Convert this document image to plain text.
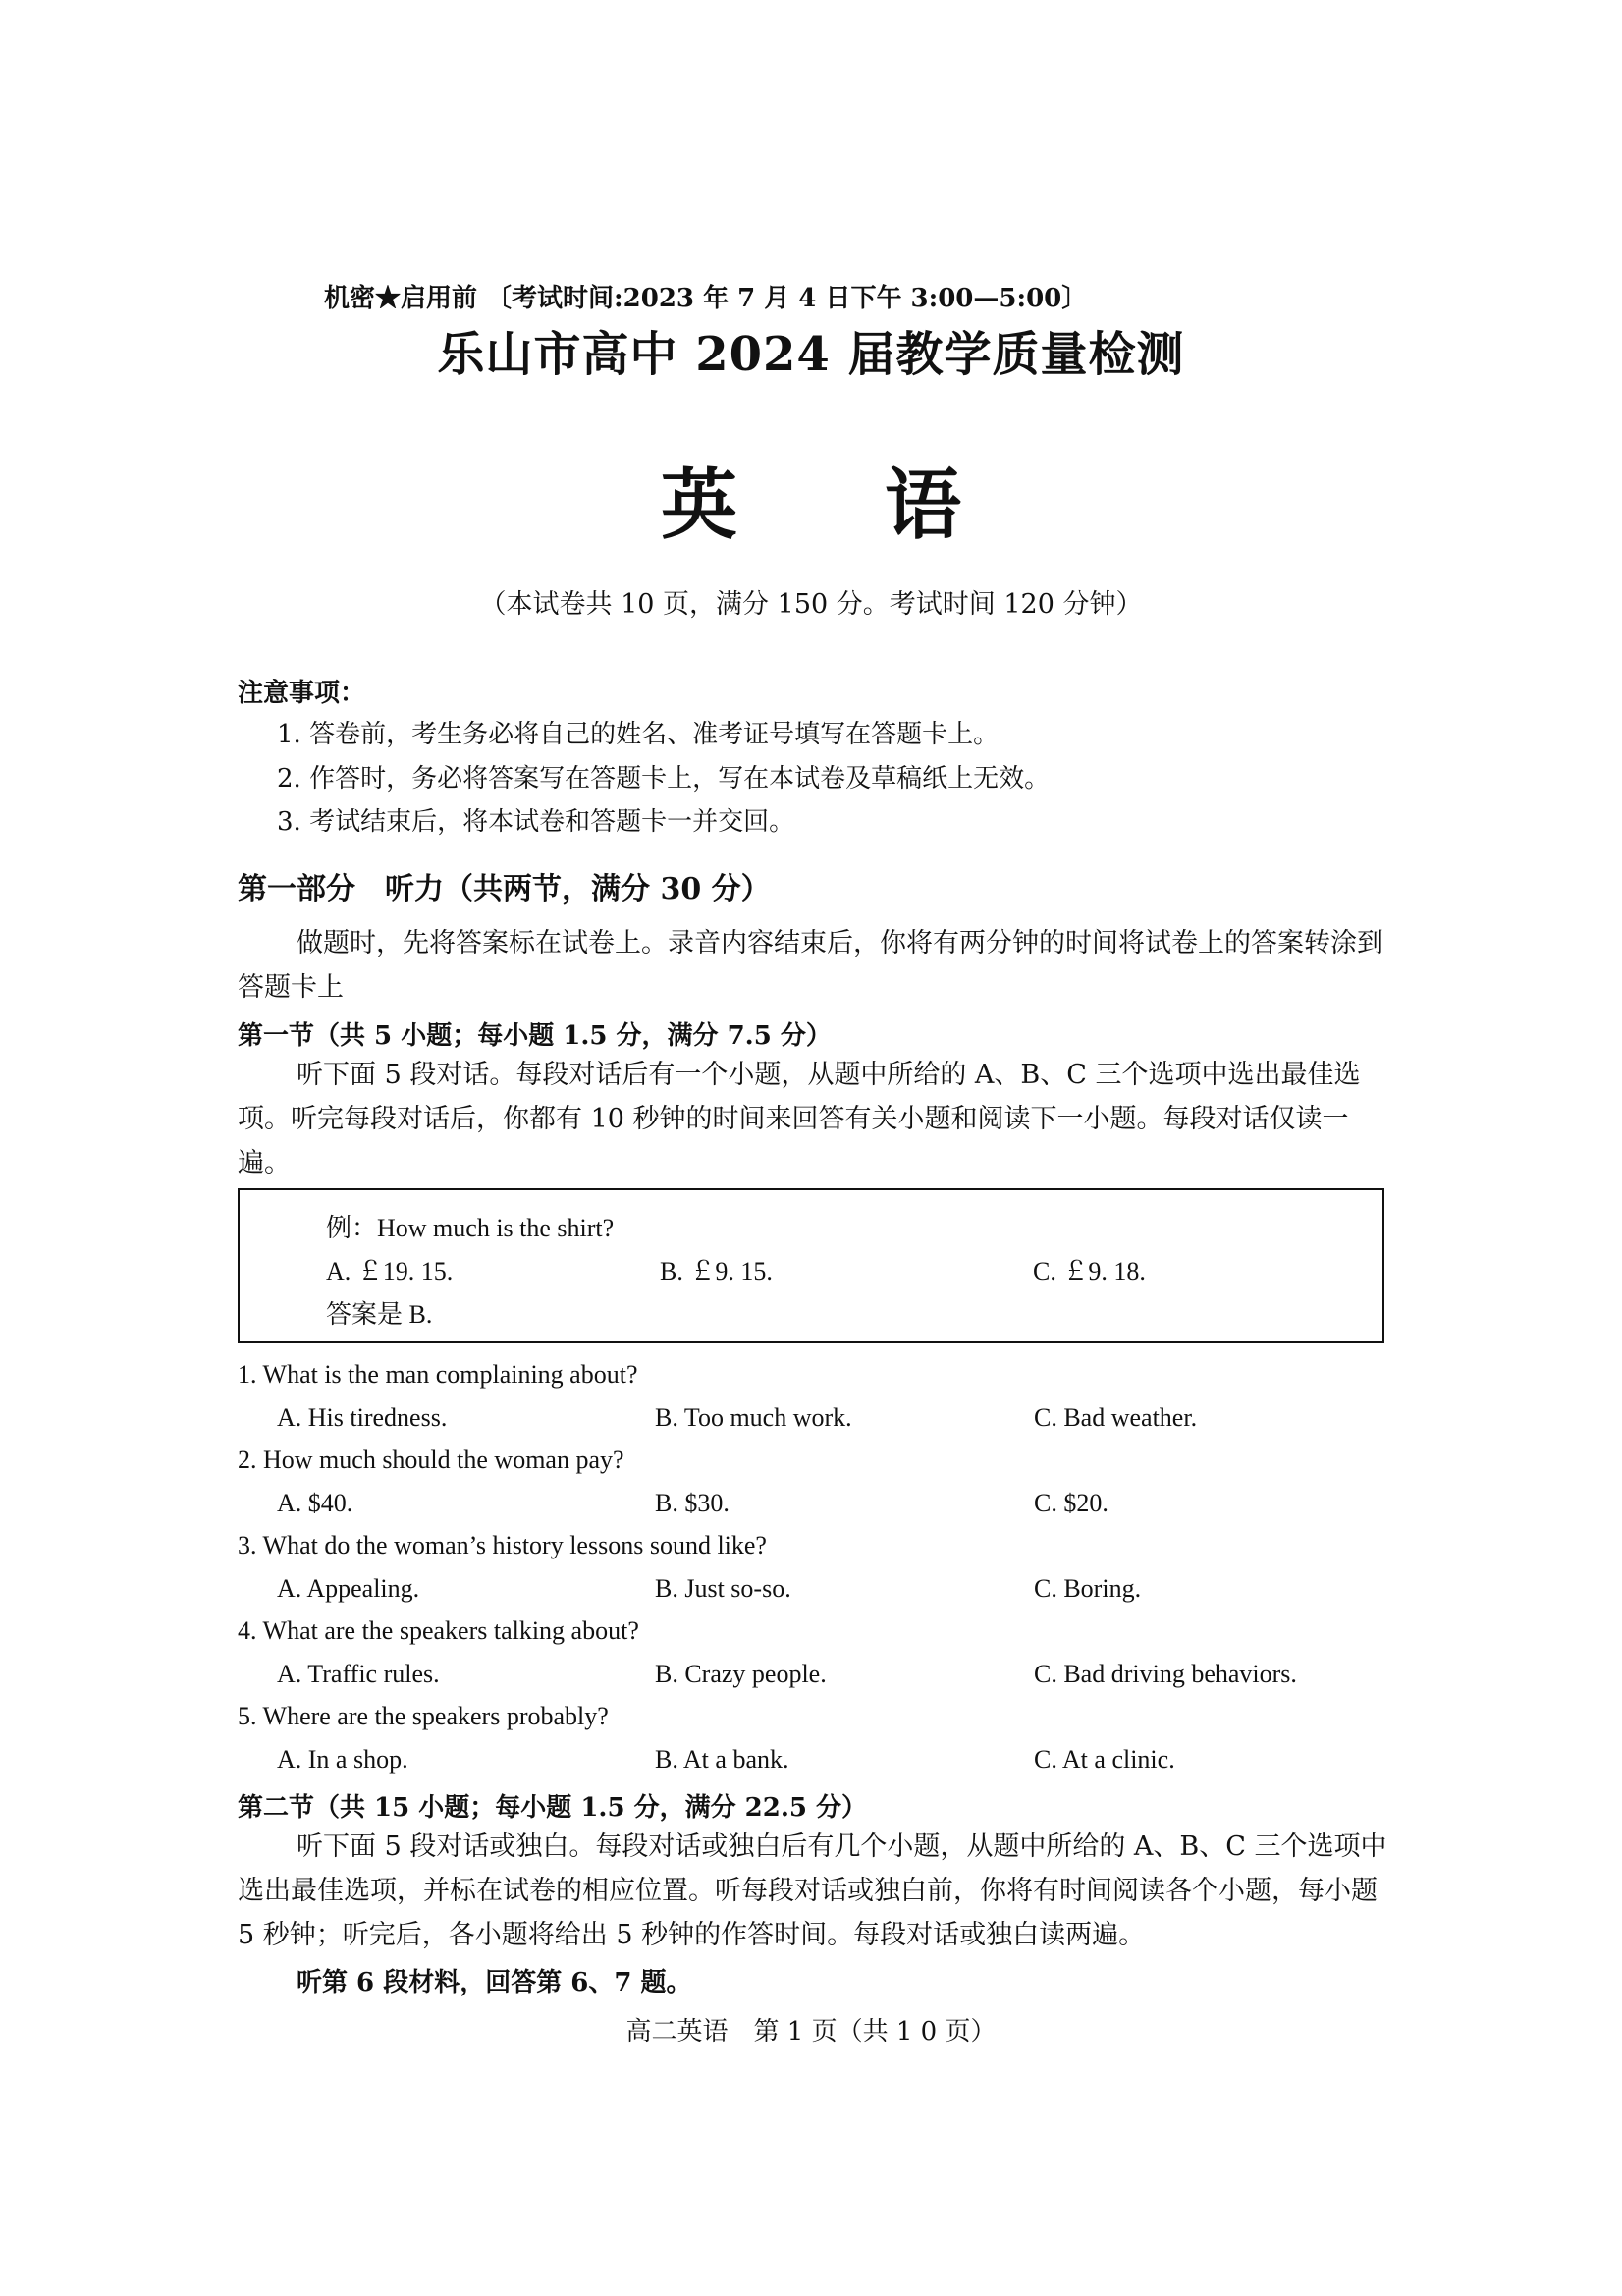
机密★启用前 〔考试时间:2023 年 7 月 4 日下午 3:00—5:00〕
乐山市高中 2024 届教学质量检测
英 语
（本试卷共 10 页，满分 150 分。考试时间 120 分钟）
注意事项：
1. 答卷前，考生务必将自己的姓名、准考证号填写在答题卡上。
2. 作答时，务必将答案写在答题卡上，写在本试卷及草稿纸上无效。
3. 考试结束后，将本试卷和答题卡一并交回。
第一部分　听力（共两节，满分 30 分）
做题时，先将答案标在试卷上。录音内容结束后，你将有两分钟的时间将试卷上的答案转涂到答题卡上
第一节（共 5 小题；每小题 1.5 分，满分 7.5 分）
听下面 5 段对话。每段对话后有一个小题，从题中所给的 A、B、C 三个选项中选出最佳选项。听完每段对话后，你都有 10 秒钟的时间来回答有关小题和阅读下一小题。每段对话仅读一遍。
例：How much is the shirt?
A. ￡19. 15.	B. ￡9. 15.	C. ￡9. 18.
答案是 B.
1. What is the man complaining about?
A. His tiredness.	B. Too much work.	C. Bad weather.
2. How much should the woman pay?
A. $40.	B. $30.	C. $20.
3. What do the woman’s history lessons sound like?
A. Appealing.	B. Just so-so.	C. Boring.
4. What are the speakers talking about?
A. Traffic rules.	B. Crazy people.	C. Bad driving behaviors.
5. Where are the speakers probably?
A. In a shop.	B. At a bank.	C. At a clinic.
第二节（共 15 小题；每小题 1.5 分，满分 22.5 分）
听下面 5 段对话或独白。每段对话或独白后有几个小题，从题中所给的 A、B、C 三个选项中选出最佳选项，并标在试卷的相应位置。听每段对话或独白前，你将有时间阅读各个小题，每小题 5 秒钟；听完后，各小题将给出 5 秒钟的作答时间。每段对话或独白读两遍。
听第 6 段材料，回答第 6、7 题。
高二英语　第 1 页（共 1 0 页）
